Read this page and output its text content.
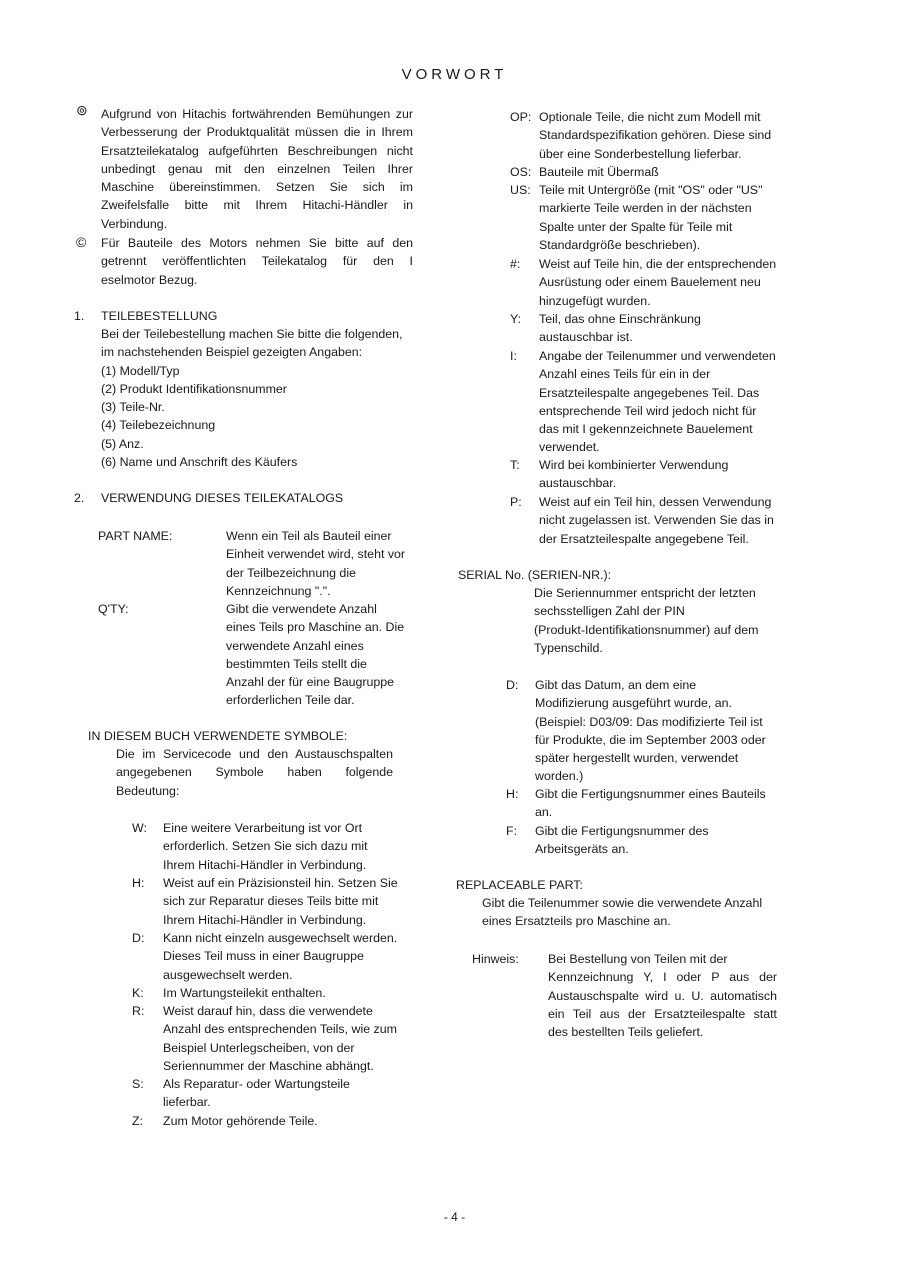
VORWORT
⊚ Aufgrund von Hitachis fortwährenden Bemühungen zur
Verbesserung der Produktqualität müssen die in Ihrem
Ersatzteilekatalog aufgeführten Beschreibungen nicht
unbedingt genau mit den einzelnen Teilen Ihrer
Maschine übereinstimmen. Setzen Sie sich im
Zweifelsfalle bitte mit Ihrem Hitachi-Händler in
Verbindung.
© Für Bauteile des Motors nehmen Sie bitte auf den
getrennt veröffentlichten Teilekatalog für den I
eselmotor Bezug.
1. TEILEBESTELLUNG
Bei der Teilebestellung machen Sie bitte die folgenden,
im nachstehenden Beispiel gezeigten Angaben:
(1) Modell/Typ
(2) Produkt Identifikationsnummer
(3) Teile-Nr.
(4) Teilebezeichnung
(5) Anz.
(6) Name und Anschrift des Käufers
2. VERWENDUNG DIESES TEILEKATALOGS
PART NAME:	Wenn ein Teil als Bauteil einer
Einheit verwendet wird, steht vor
der Teilbezeichnung die
Kennzeichnung ".".
Q'TY:	Gibt die verwendete Anzahl
eines Teils pro Maschine an. Die
verwendete Anzahl eines
bestimmten Teils stellt die
Anzahl der für eine Baugruppe
erforderlichen Teile dar.
IN DIESEM BUCH VERWENDETE SYMBOLE:
Die im Servicecode und den Austauschspalten
angegebenen Symbole haben folgende
Bedeutung:
W: Eine weitere Verarbeitung ist vor Ort
erforderlich. Setzen Sie sich dazu mit
Ihrem Hitachi-Händler in Verbindung.
H: Weist auf ein Präzisionsteil hin. Setzen Sie
sich zur Reparatur dieses Teils bitte mit
Ihrem Hitachi-Händler in Verbindung.
D: Kann nicht einzeln ausgewechselt werden.
Dieses Teil muss in einer Baugruppe
ausgewechselt werden.
K: Im Wartungsteilekit enthalten.
R: Weist darauf hin, dass die verwendete
Anzahl des entsprechenden Teils, wie zum
Beispiel Unterlegscheiben, von der
Seriennummer der Maschine abhängt.
S: Als Reparatur- oder Wartungsteile
lieferbar.
Z: Zum Motor gehörende Teile.
OP: Optionale Teile, die nicht zum Modell mit
Standardspezifikation gehören. Diese sind
über eine Sonderbestellung lieferbar.
OS: Bauteile mit Übermaß
US: Teile mit Untergröße (mit "OS" oder "US"
markierte Teile werden in der nächsten
Spalte unter der Spalte für Teile mit
Standardgröße beschrieben).
#: Weist auf Teile hin, die der entsprechenden
Ausrüstung oder einem Bauelement neu
hinzugefügt wurden.
Y: Teil, das ohne Einschränkung
austauschbar ist.
I: Angabe der Teilenummer und verwendeten
Anzahl eines Teils für ein in der
Ersatzteilespalte angegebenes Teil. Das
entsprechende Teil wird jedoch nicht für
das mit I gekennzeichnete Bauelement
verwendet.
T: Wird bei kombinierter Verwendung
austauschbar.
P: Weist auf ein Teil hin, dessen Verwendung
nicht zugelassen ist. Verwenden Sie das in
der Ersatzteilespalte angegebene Teil.
SERIAL No. (SERIEN-NR.):
Die Seriennummer entspricht der letzten
sechsstelligen Zahl der PIN
(Produkt-Identifikationsnummer) auf dem
Typenschild.
D: Gibt das Datum, an dem eine
Modifizierung ausgeführt wurde, an.
(Beispiel: D03/09: Das modifizierte Teil ist
für Produkte, die im September 2003 oder
später hergestellt wurden, verwendet
worden.)
H: Gibt die Fertigungsnummer eines Bauteils
an.
F: Gibt die Fertigungsnummer des
Arbeitsgeräts an.
REPLACEABLE PART:
Gibt die Teilenummer sowie die verwendete Anzahl
eines Ersatzteils pro Maschine an.
Hinweis: Bei Bestellung von Teilen mit der
Kennzeichnung Y, I oder P aus der
Austauschspalte wird u. U. automatisch
ein Teil aus der Ersatzteilespalte statt
des bestellten Teils geliefert.
- 4 -
